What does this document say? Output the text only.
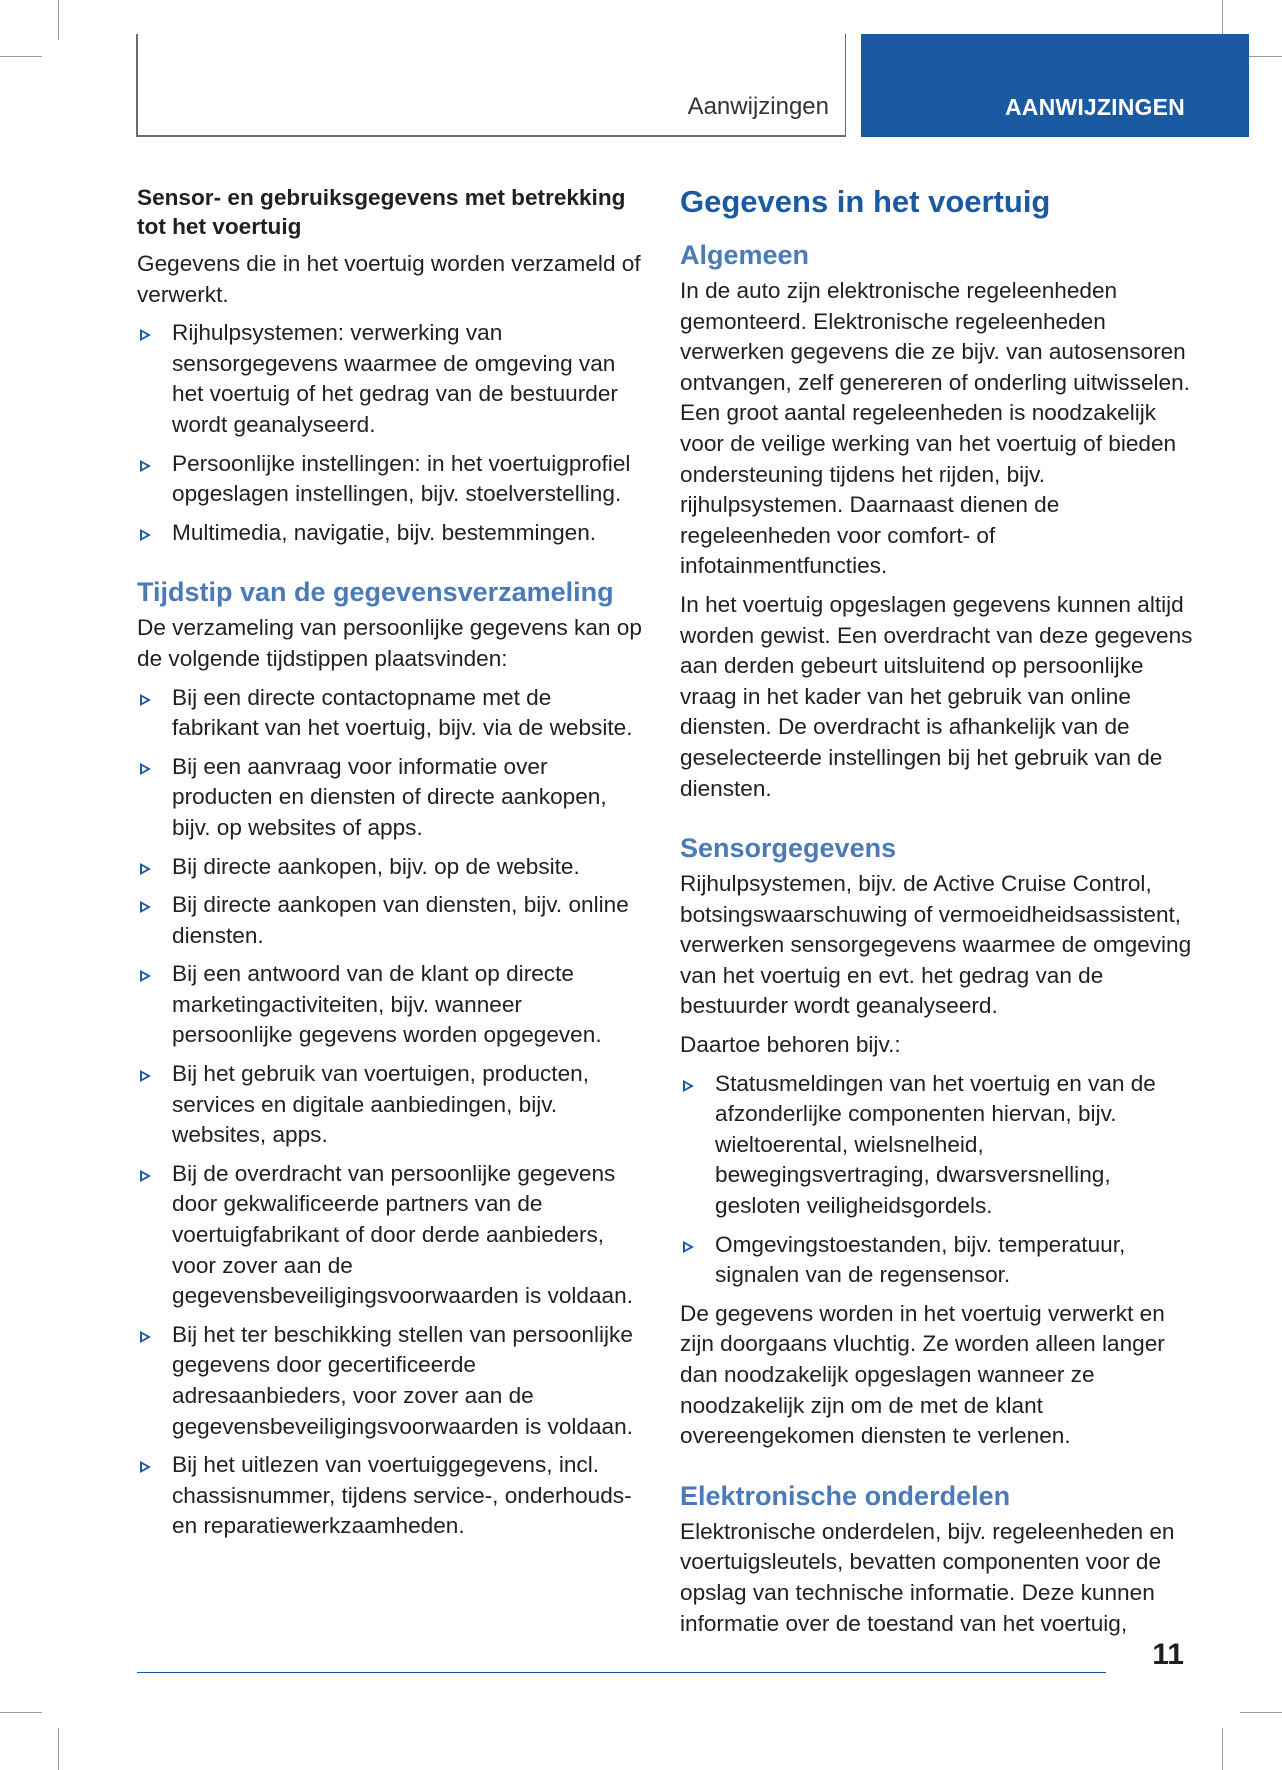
Aanwijzingen	AANWIJZINGEN

Sensor- en gebruiksgegevens met betrekking tot het voertuig

Gegevens die in het voertuig worden verzameld of verwerkt.

Rijhulpsystemen: verwerking van sensorgegevens waarmee de omgeving van het voertuig of het gedrag van de bestuurder wordt geanalyseerd.
Persoonlijke instellingen: in het voertuigprofiel opgeslagen instellingen, bijv. stoelverstelling.
Multimedia, navigatie, bijv. bestemmingen.
Tijdstip van de gegevensverzameling

De verzameling van persoonlijke gegevens kan op de volgende tijdstippen plaatsvinden:

Bij een directe contactopname met de fabrikant van het voertuig, bijv. via de website.
Bij een aanvraag voor informatie over producten en diensten of directe aankopen, bijv. op websites of apps.
Bij directe aankopen, bijv. op de website.
Bij directe aankopen van diensten, bijv. online diensten.
Bij een antwoord van de klant op directe marketingactiviteiten, bijv. wanneer persoonlijke gegevens worden opgegeven.
Bij het gebruik van voertuigen, producten, services en digitale aanbiedingen, bijv. websites, apps.
Bij de overdracht van persoonlijke gegevens door gekwalificeerde partners van de voertuigfabrikant of door derde aanbieders, voor zover aan de gegevensbeveiligingsvoorwaarden is voldaan.
Bij het ter beschikking stellen van persoonlijke gegevens door gecertificeerde adresaanbieders, voor zover aan de gegevensbeveiligingsvoorwaarden is voldaan.
Bij het uitlezen van voertuiggegevens, incl. chassisnummer, tijdens service-, onderhouds- en reparatiewerkzaamheden.
Gegevens in het voertuig
Algemeen

In de auto zijn elektronische regeleenheden gemonteerd. Elektronische regeleenheden verwerken gegevens die ze bijv. van autosensoren ontvangen, zelf genereren of onderling uitwisselen. Een groot aantal regeleenheden is noodzakelijk voor de veilige werking van het voertuig of bieden ondersteuning tijdens het rijden, bijv. rijhulpsystemen. Daarnaast dienen de regeleenheden voor comfort- of infotainmentfuncties.

In het voertuig opgeslagen gegevens kunnen altijd worden gewist. Een overdracht van deze gegevens aan derden gebeurt uitsluitend op persoonlijke vraag in het kader van het gebruik van online diensten. De overdracht is afhankelijk van de geselecteerde instellingen bij het gebruik van de diensten.

Sensorgegevens

Rijhulpsystemen, bijv. de Active Cruise Control, botsingswaarschuwing of vermoeidheidsassistent, verwerken sensorgegevens waarmee de omgeving van het voertuig en evt. het gedrag van de bestuurder wordt geanalyseerd.

Daartoe behoren bijv.:

Statusmeldingen van het voertuig en van de afzonderlijke componenten hiervan, bijv. wieltoerental, wielsnelheid, bewegingsvertraging, dwarsversnelling, gesloten veiligheidsgordels.
Omgevingstoestanden, bijv. temperatuur, signalen van de regensensor.

De gegevens worden in het voertuig verwerkt en zijn doorgaans vluchtig. Ze worden alleen langer dan noodzakelijk opgeslagen wanneer ze noodzakelijk zijn om de met de klant overeengekomen diensten te verlenen.

Elektronische onderdelen

Elektronische onderdelen, bijv. regeleenheden en voertuigsleutels, bevatten componenten voor de opslag van technische informatie. Deze kunnen informatie over de toestand van het voertuig,

11
